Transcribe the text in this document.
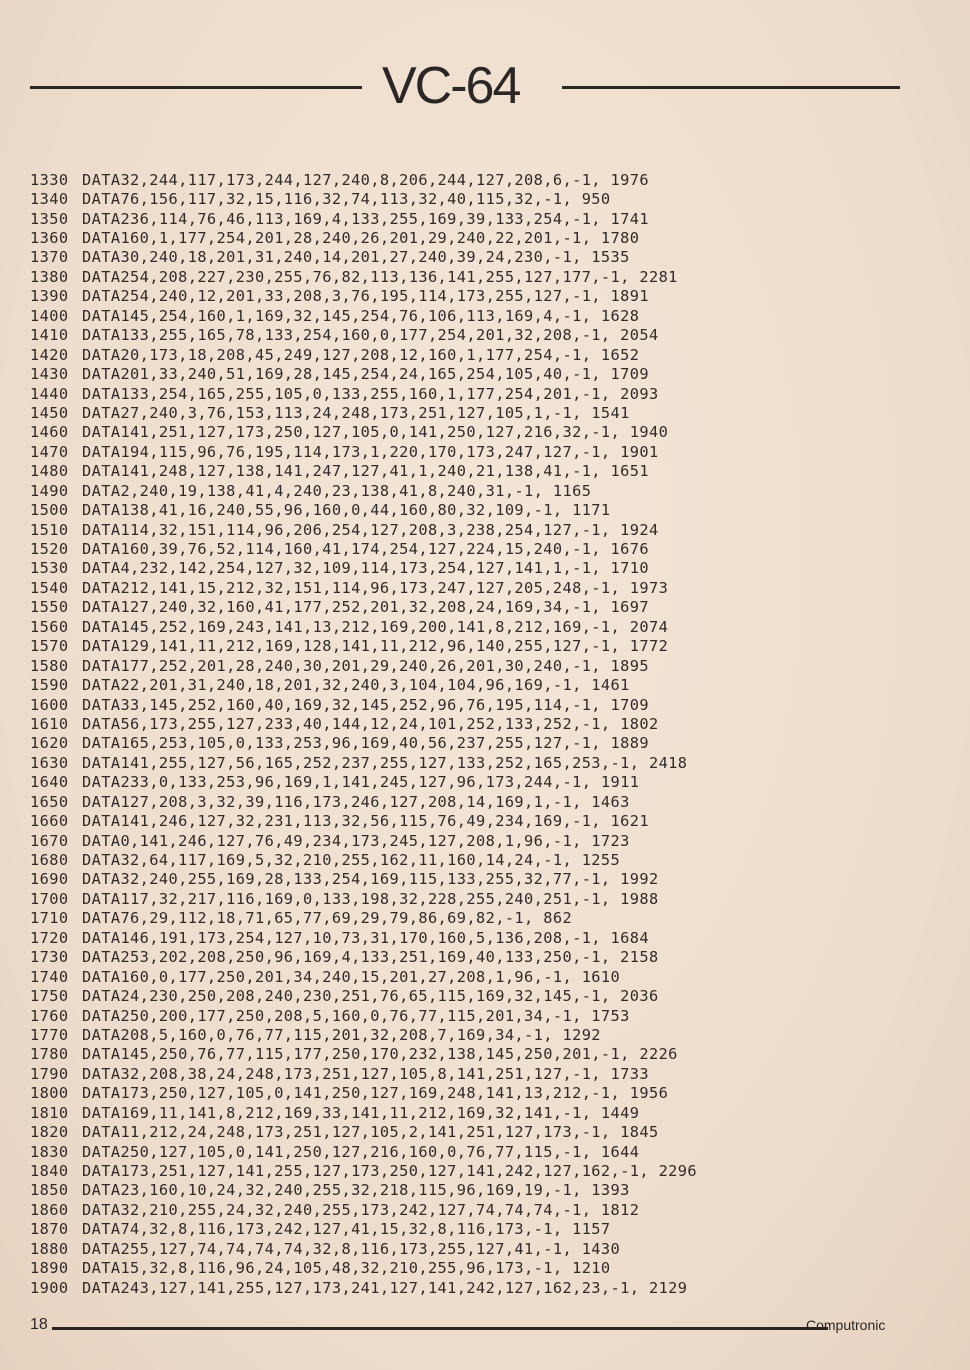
VC-64
1330 DATA32,244,117,173,244,127,240,8,206,244,127,208,6,-1, 1976
1340 DATA76,156,117,32,15,116,32,74,113,32,40,115,32,-1, 950
1350 DATA236,114,76,46,113,169,4,133,255,169,39,133,254,-1, 1741
1360 DATA160,1,177,254,201,28,240,26,201,29,240,22,201,-1, 1780
1370 DATA30,240,18,201,31,240,14,201,27,240,39,24,230,-1, 1535
1380 DATA254,208,227,230,255,76,82,113,136,141,255,127,177,-1, 2281
1390 DATA254,240,12,201,33,208,3,76,195,114,173,255,127,-1, 1891
1400 DATA145,254,160,1,169,32,145,254,76,106,113,169,4,-1, 1628
1410 DATA133,255,165,78,133,254,160,0,177,254,201,32,208,-1, 2054
1420 DATA20,173,18,208,45,249,127,208,12,160,1,177,254,-1, 1652
1430 DATA201,33,240,51,169,28,145,254,24,165,254,105,40,-1, 1709
1440 DATA133,254,165,255,105,0,133,255,160,1,177,254,201,-1, 2093
1450 DATA27,240,3,76,153,113,24,248,173,251,127,105,1,-1, 1541
1460 DATA141,251,127,173,250,127,105,0,141,250,127,216,32,-1, 1940
1470 DATA194,115,96,76,195,114,173,1,220,170,173,247,127,-1, 1901
1480 DATA141,248,127,138,141,247,127,41,1,240,21,138,41,-1, 1651
1490 DATA2,240,19,138,41,4,240,23,138,41,8,240,31,-1, 1165
1500 DATA138,41,16,240,55,96,160,0,44,160,80,32,109,-1, 1171
1510 DATA114,32,151,114,96,206,254,127,208,3,238,254,127,-1, 1924
1520 DATA160,39,76,52,114,160,41,174,254,127,224,15,240,-1, 1676
1530 DATA4,232,142,254,127,32,109,114,173,254,127,141,1,-1, 1710
1540 DATA212,141,15,212,32,151,114,96,173,247,127,205,248,-1, 1973
1550 DATA127,240,32,160,41,177,252,201,32,208,24,169,34,-1, 1697
1560 DATA145,252,169,243,141,13,212,169,200,141,8,212,169,-1, 2074
1570 DATA129,141,11,212,169,128,141,11,212,96,140,255,127,-1, 1772
1580 DATA177,252,201,28,240,30,201,29,240,26,201,30,240,-1, 1895
1590 DATA22,201,31,240,18,201,32,240,3,104,104,96,169,-1, 1461
1600 DATA33,145,252,160,40,169,32,145,252,96,76,195,114,-1, 1709
1610 DATA56,173,255,127,233,40,144,12,24,101,252,133,252,-1, 1802
1620 DATA165,253,105,0,133,253,96,169,40,56,237,255,127,-1, 1889
1630 DATA141,255,127,56,165,252,237,255,127,133,252,165,253,-1, 2418
1640 DATA233,0,133,253,96,169,1,141,245,127,96,173,244,-1, 1911
1650 DATA127,208,3,32,39,116,173,246,127,208,14,169,1,-1, 1463
1660 DATA141,246,127,32,231,113,32,56,115,76,49,234,169,-1, 1621
1670 DATA0,141,246,127,76,49,234,173,245,127,208,1,96,-1, 1723
1680 DATA32,64,117,169,5,32,210,255,162,11,160,14,24,-1, 1255
1690 DATA32,240,255,169,28,133,254,169,115,133,255,32,77,-1, 1992
1700 DATA117,32,217,116,169,0,133,198,32,228,255,240,251,-1, 1988
1710 DATA76,29,112,18,71,65,77,69,29,79,86,69,82,-1, 862
1720 DATA146,191,173,254,127,10,73,31,170,160,5,136,208,-1, 1684
1730 DATA253,202,208,250,96,169,4,133,251,169,40,133,250,-1, 2158
1740 DATA160,0,177,250,201,34,240,15,201,27,208,1,96,-1, 1610
1750 DATA24,230,250,208,240,230,251,76,65,115,169,32,145,-1, 2036
1760 DATA250,200,177,250,208,5,160,0,76,77,115,201,34,-1, 1753
1770 DATA208,5,160,0,76,77,115,201,32,208,7,169,34,-1, 1292
1780 DATA145,250,76,77,115,177,250,170,232,138,145,250,201,-1, 2226
1790 DATA32,208,38,24,248,173,251,127,105,8,141,251,127,-1, 1733
1800 DATA173,250,127,105,0,141,250,127,169,248,141,13,212,-1, 1956
1810 DATA169,11,141,8,212,169,33,141,11,212,169,32,141,-1, 1449
1820 DATA11,212,24,248,173,251,127,105,2,141,251,127,173,-1, 1845
1830 DATA250,127,105,0,141,250,127,216,160,0,76,77,115,-1, 1644
1840 DATA173,251,127,141,255,127,173,250,127,141,242,127,162,-1, 2296
1850 DATA23,160,10,24,32,240,255,32,218,115,96,169,19,-1, 1393
1860 DATA32,210,255,24,32,240,255,173,242,127,74,74,74,-1, 1812
1870 DATA74,32,8,116,173,242,127,41,15,32,8,116,173,-1, 1157
1880 DATA255,127,74,74,74,74,32,8,116,173,255,127,41,-1, 1430
1890 DATA15,32,8,116,96,24,105,48,32,210,255,96,173,-1, 1210
1900 DATA243,127,141,255,127,173,241,127,141,242,127,162,23,-1, 2129
18	Computronic
